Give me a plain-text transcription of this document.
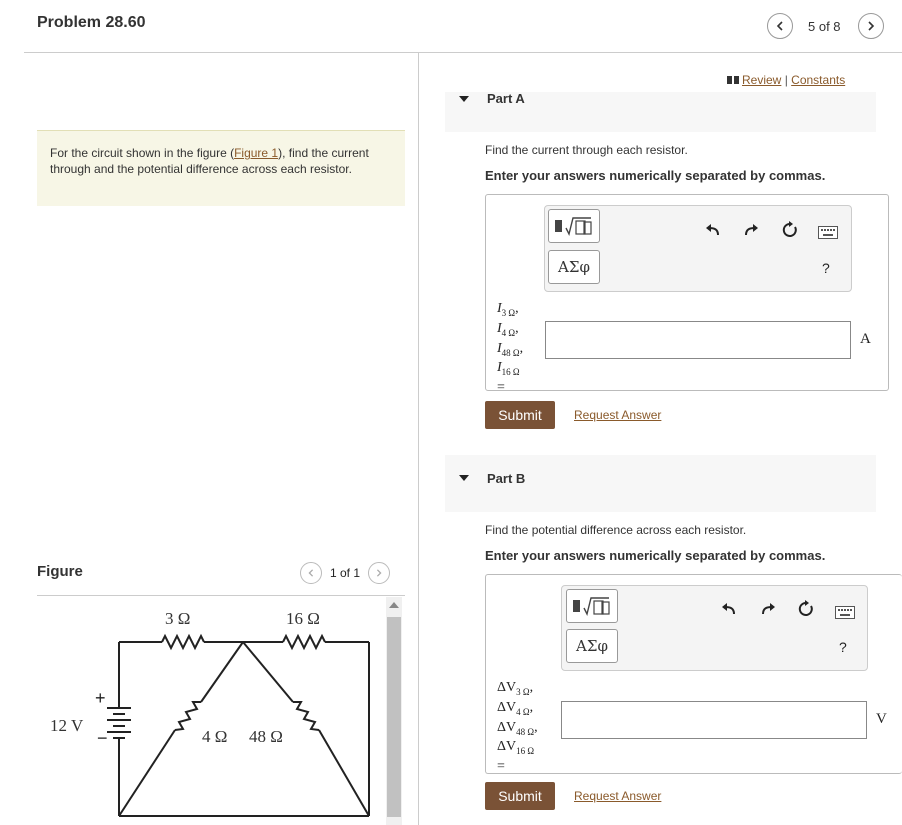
Problem 28.60	5 of 8
For the circuit shown in the figure (Figure 1), find the current through and the potential difference across each resistor.
Figure	1 of 1
+
−
12 V
3 Ω	16 Ω
4 Ω 48 Ω
Review | Constants
Part A
Find the current through each resistor.
Enter your answers numerically separated by commas.
ΑΣφ	?
$I_{3 \Omega}$,
$I_{4 \Omega}$,
$I_{48 \Omega}$,
$I_{16 \Omega}$
=
A
Submit	Request Answer
Part B
Find the potential difference across each resistor.
Enter your answers numerically separated by commas.
ΑΣφ	?
$\Delta V_{3 \Omega}$,
$\Delta V_{4 \Omega}$,
$\Delta V_{48 \Omega}$,
$\Delta V_{16 \Omega}$
=
V
Submit	Request Answer
